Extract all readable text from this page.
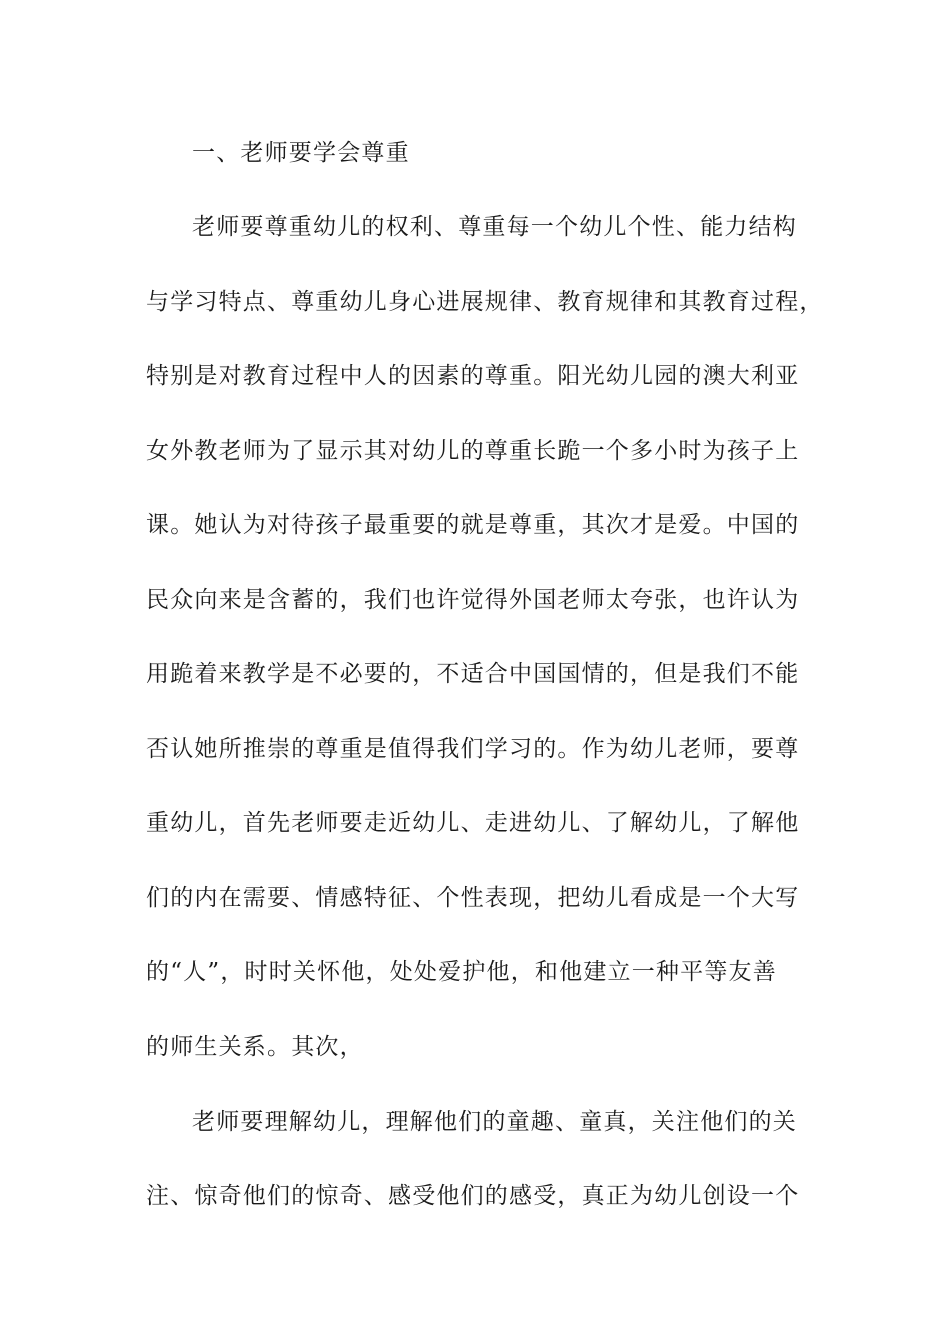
一、老师要学会尊重
老师要尊重幼儿的权利、尊重每一个幼儿个性、能力结构
与学习特点、尊重幼儿身心进展规律、教育规律和其教育过程，
特别是对教育过程中人的因素的尊重。阳光幼儿园的澳大利亚
女外教老师为了显示其对幼儿的尊重长跪一个多小时为孩子上
课。她认为对待孩子最重要的就是尊重，其次才是爱。中国的
民众向来是含蓄的，我们也许觉得外国老师太夸张，也许认为
用跪着来教学是不必要的，不适合中国国情的，但是我们不能
否认她所推崇的尊重是值得我们学习的。作为幼儿老师，要尊
重幼儿，首先老师要走近幼儿、走进幼儿、了解幼儿，了解他
们的内在需要、情感特征、个性表现，把幼儿看成是一个大写
的“人”，时时关怀他，处处爱护他，和他建立一种平等友善
的师生关系。其次，
老师要理解幼儿，理解他们的童趣、童真，关注他们的关
注、惊奇他们的惊奇、感受他们的感受，真正为幼儿创设一个
